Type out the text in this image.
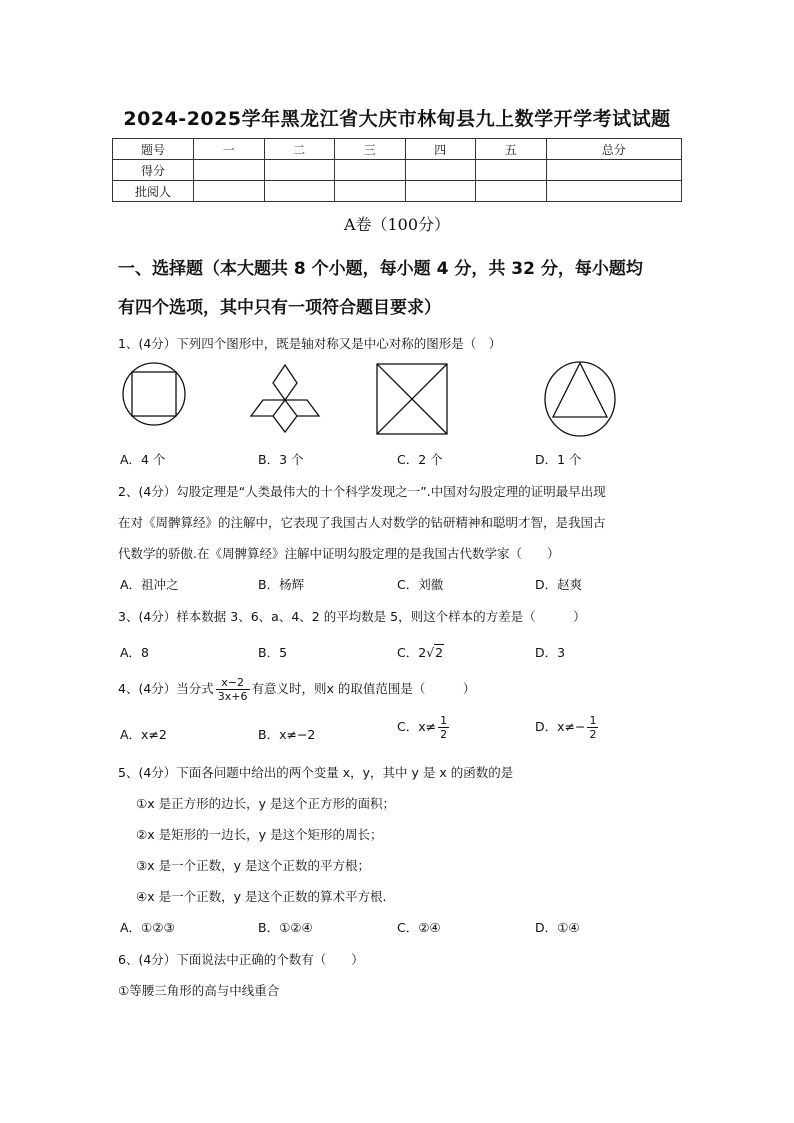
2024-2025学年黑龙江省大庆市林甸县九上数学开学考试试题
题号	一	二	三	四	五	总分
得分						
批阅人						
A卷（100分）
一、选择题（本大题共 8 个小题，每小题 4 分，共 32 分，每小题均
有四个选项，其中只有一项符合题目要求）
1、(4分）下列四个图形中，既是轴对称又是中心对称的图形是（　）
A．4 个	B．3 个	C．2 个	D．1 个
2、(4分）勾股定理是“人类最伟大的十个科学发现之一”.中国对勾股定理的证明最早出现
在对《周髀算经》的注解中，它表现了我国古人对数学的钻研精神和聪明才智，是我国古
代数学的骄傲.在《周髀算经》注解中证明勾股定理的是我国古代数学家（　　）
A．祖冲之	B．杨辉	C．刘徽	D．赵爽
3、(4分）样本数据 3、6、a、4、2 的平均数是 5，则这个样本的方差是（　　　）
A．8	B．5	C．2√2	D．3
4、(4分）当分式 $\frac{x-2}{3x+6}$ 有意义时，则x 的取值范围是（　　　）
A．x≠2	B．x≠−2
C．$x\ne \frac{1}{2}$	D．$x\ne- \frac{1}{2}$
5、(4分）下面各问题中给出的两个变量 x，y，其中 y 是 x 的函数的是
①x 是正方形的边长，y 是这个正方形的面积；
②x 是矩形的一边长，y 是这个矩形的周长；
③x 是一个正数，y 是这个正数的平方根；
④x 是一个正数，y 是这个正数的算术平方根.
A．①②③	B．①②④	C．②④	D．①④
6、(4分）下面说法中正确的个数有（　　）
①等腰三角形的高与中线重合
